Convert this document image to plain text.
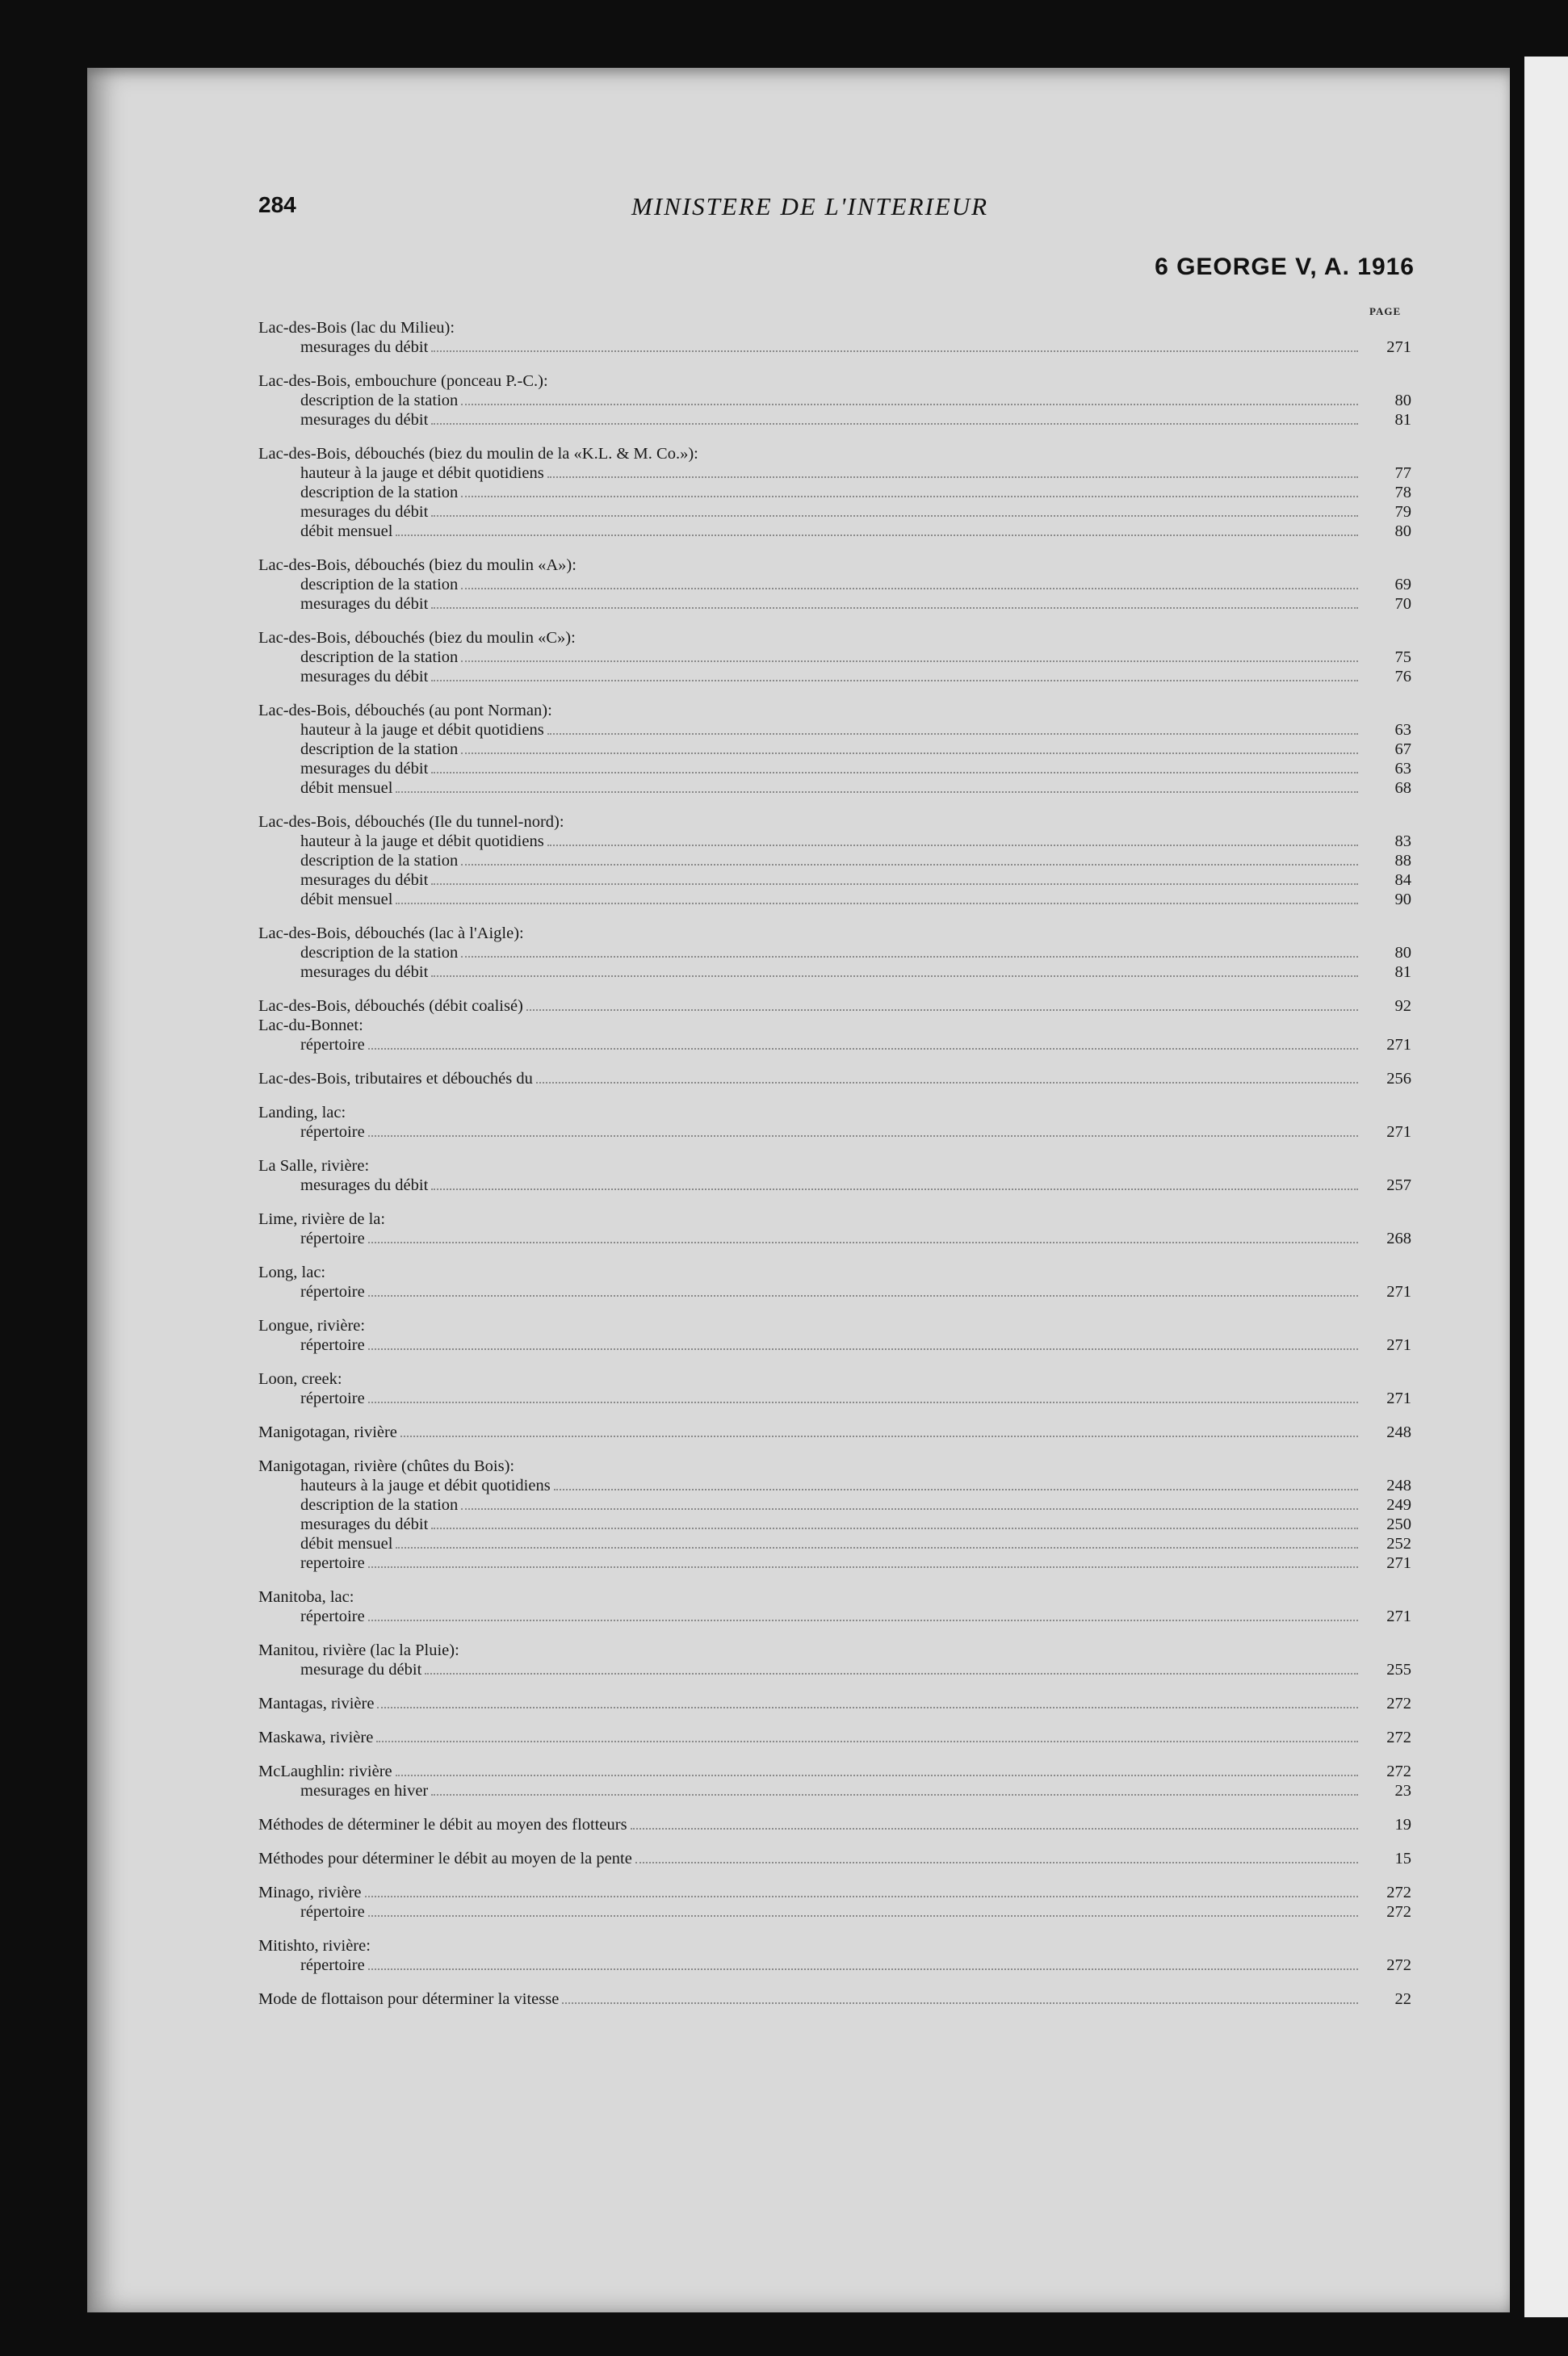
284	MINISTERE DE L'INTERIEUR
6 GEORGE V, A. 1916
PAGE
Lac-des-Bois (lac du Milieu):
mesurages du débit	271
Lac-des-Bois, embouchure (ponceau P.-C.):
description de la station	80
mesurages du débit	81
Lac-des-Bois, débouchés (biez du moulin de la «K.L. & M. Co.»):
hauteur à la jauge et débit quotidiens	77
description de la station	78
mesurages du débit	79
débit mensuel	80
Lac-des-Bois, débouchés (biez du moulin «A»):
description de la station	69
mesurages du débit	70
Lac-des-Bois, débouchés (biez du moulin «C»):
description de la station	75
mesurages du débit	76
Lac-des-Bois, débouchés (au pont Norman):
hauteur à la jauge et débit quotidiens	63
description de la station	67
mesurages du débit	63
débit mensuel	68
Lac-des-Bois, débouchés (Ile du tunnel-nord):
hauteur à la jauge et débit quotidiens	83
description de la station	88
mesurages du débit	84
débit mensuel	90
Lac-des-Bois, débouchés (lac à l'Aigle):
description de la station	80
mesurages du débit	81
Lac-des-Bois, débouchés (débit coalisé)	92
Lac-du-Bonnet:
répertoire	271
Lac-des-Bois, tributaires et débouchés du	256
Landing, lac:
répertoire	271
La Salle, rivière:
mesurages du débit	257
Lime, rivière de la:
répertoire	268
Long, lac:
répertoire	271
Longue, rivière:
répertoire	271
Loon, creek:
répertoire	271
Manigotagan, rivière	248
Manigotagan, rivière (chûtes du Bois):
hauteurs à la jauge et débit quotidiens	248
description de la station	249
mesurages du débit	250
débit mensuel	252
repertoire	271
Manitoba, lac:
répertoire	271
Manitou, rivière (lac la Pluie):
mesurage du débit	255
Mantagas, rivière	272
Maskawa, rivière	272
McLaughlin: rivière	272
mesurages en hiver	23
Méthodes de déterminer le débit au moyen des flotteurs	19
Méthodes pour déterminer le débit au moyen de la pente	15
Minago, rivière	272
répertoire	272
Mitishto, rivière:
répertoire	272
Mode de flottaison pour déterminer la vitesse	22
